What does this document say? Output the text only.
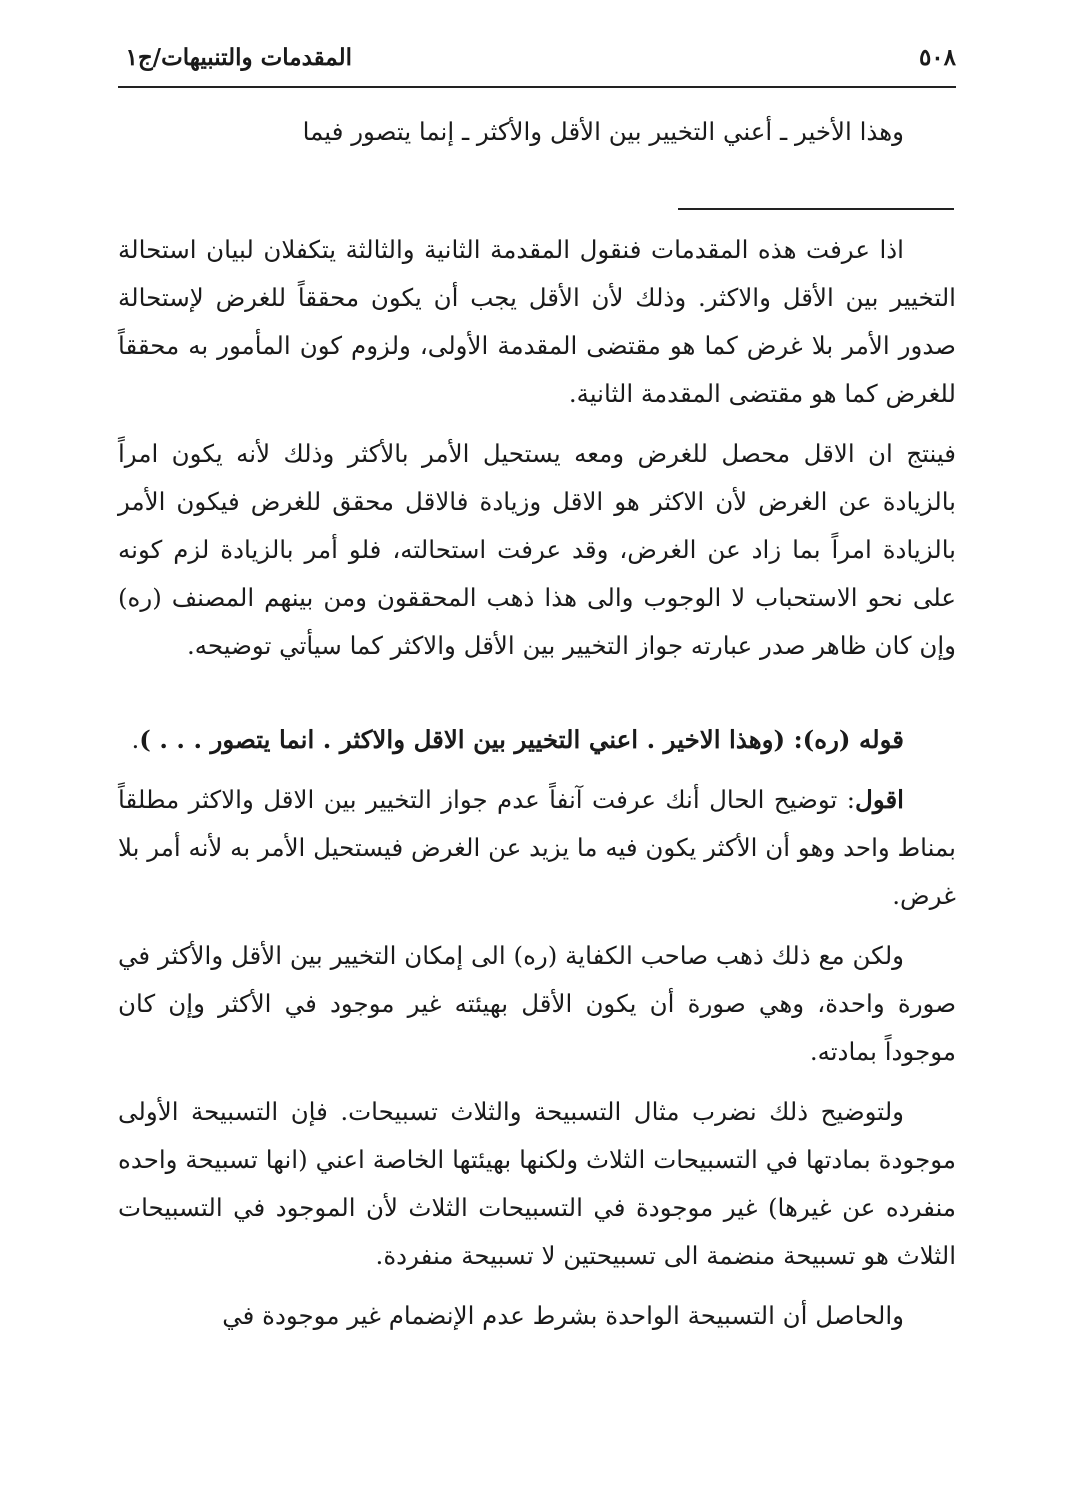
٥٠٨
المقدمات والتنبيهات/ج١

وهذا الأخير ـ أعني التخيير بين الأقل والأكثر ـ إنما يتصور فيما

اذا عرفت هذه المقدمات فنقول المقدمة الثانية والثالثة يتكفلان لبيان استحالة التخيير بين الأقل والاكثر. وذلك لأن الأقل يجب أن يكون محققاً للغرض لإستحالة صدور الأمر بلا غرض كما هو مقتضى المقدمة الأولى، ولزوم كون المأمور به محققاً للغرض كما هو مقتضى المقدمة الثانية.

فينتج ان الاقل محصل للغرض ومعه يستحيل الأمر بالأكثر وذلك لأنه يكون امراً بالزيادة عن الغرض لأن الاكثر هو الاقل وزيادة فالاقل محقق للغرض فيكون الأمر بالزيادة امراً بما زاد عن الغرض، وقد عرفت استحالته، فلو أمر بالزيادة لزم كونه على نحو الاستحباب لا الوجوب والى هذا ذهب المحققون ومن بينهم المصنف (ره) وإن كان ظاهر صدر عبارته جواز التخيير بين الأقل والاكثر كما سيأتي توضيحه.

قوله (ره): (وهذا الاخير . اعني التخيير بين الاقل والاكثر . انما يتصور . . . ).

اقول: توضيح الحال أنك عرفت آنفاً عدم جواز التخيير بين الاقل والاكثر مطلقاً بمناط واحد وهو أن الأكثر يكون فيه ما يزيد عن الغرض فيستحيل الأمر به لأنه أمر بلا غرض.

ولكن مع ذلك ذهب صاحب الكفاية (ره) الى إمكان التخيير بين الأقل والأكثر في صورة واحدة، وهي صورة أن يكون الأقل بهيئته غير موجود في الأكثر وإن كان موجوداً بمادته.

ولتوضيح ذلك نضرب مثال التسبيحة والثلاث تسبيحات. فإن التسبيحة الأولى موجودة بمادتها في التسبيحات الثلاث ولكنها بهيئتها الخاصة اعني (انها تسبيحة واحده منفرده عن غيرها) غير موجودة في التسبيحات الثلاث لأن الموجود في التسبيحات الثلاث هو تسبيحة منضمة الى تسبيحتين لا تسبيحة منفردة.

والحاصل أن التسبيحة الواحدة بشرط عدم الإنضمام غير موجودة في
